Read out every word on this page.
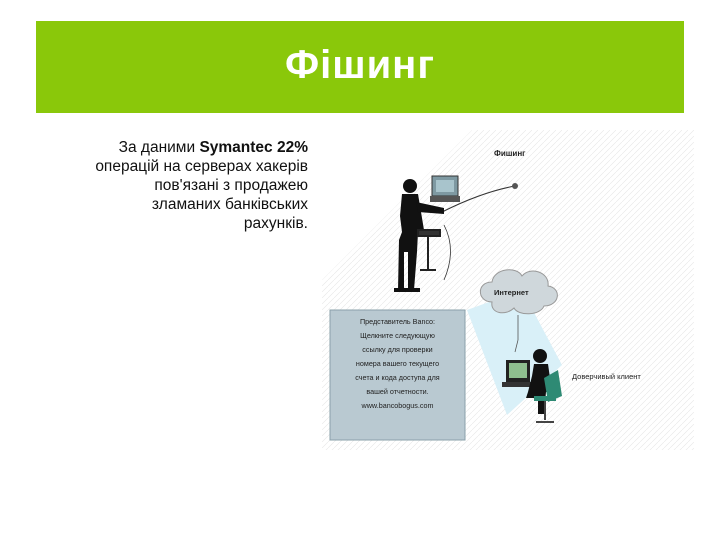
Фішинг
За даними Symantec 22%
операцій на серверах хакерів
пов'язані з продажею
зламаних банківських
рахунків.
Фишинг
Интернет
Представитель Banco:
Щелкните следующую
ссылку для проверки
номера вашего текущего
счета и кода доступа для
вашей отчетности.
www.bancobogus.com
Доверчивый клиент
